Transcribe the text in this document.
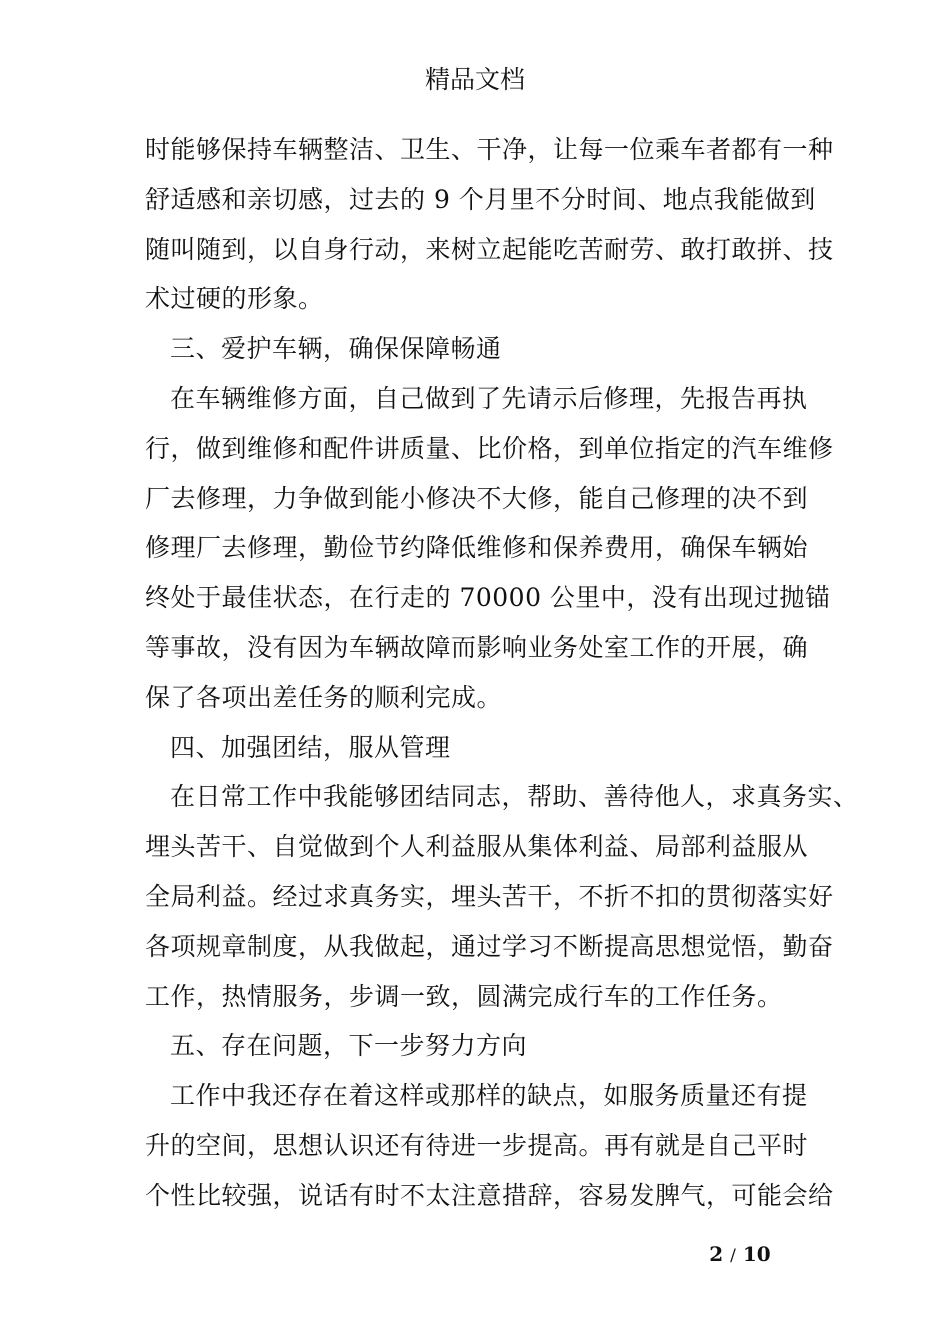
精品文档
时能够保持车辆整洁、卫生、干净，让每一位乘车者都有一种
舒适感和亲切感，过去的 9 个月里不分时间、地点我能做到
随叫随到，以自身行动，来树立起能吃苦耐劳、敢打敢拼、技
术过硬的形象。
三、爱护车辆，确保保障畅通
在车辆维修方面，自己做到了先请示后修理，先报告再执
行，做到维修和配件讲质量、比价格，到单位指定的汽车维修
厂去修理，力争做到能小修决不大修，能自己修理的决不到
修理厂去修理，勤俭节约降低维修和保养费用，确保车辆始
终处于最佳状态，在行走的 70000 公里中，没有出现过抛锚
等事故，没有因为车辆故障而影响业务处室工作的开展，确
保了各项出差任务的顺利完成。
四、加强团结，服从管理
在日常工作中我能够团结同志，帮助、善待他人，求真务实、
埋头苦干、自觉做到个人利益服从集体利益、局部利益服从
全局利益。经过求真务实，埋头苦干，不折不扣的贯彻落实好
各项规章制度，从我做起，通过学习不断提高思想觉悟，勤奋
工作，热情服务，步调一致，圆满完成行车的工作任务。
五、存在问题，下一步努力方向
工作中我还存在着这样或那样的缺点，如服务质量还有提
升的空间，思想认识还有待进一步提高。再有就是自己平时
个性比较强，说话有时不太注意措辞，容易发脾气，可能会给
2 / 10
